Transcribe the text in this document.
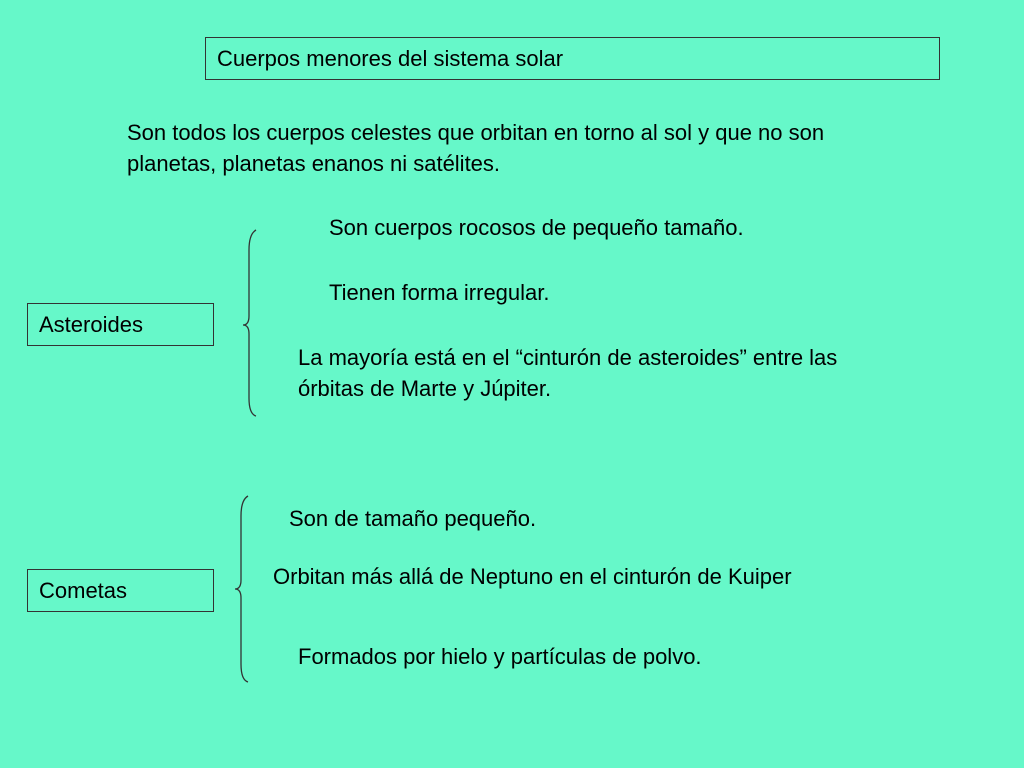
Cuerpos menores del sistema solar

Son todos los cuerpos celestes que orbitan en torno al sol y que no son
planetas, planetas enanos ni satélites.

Asteroides
Son cuerpos rocosos de pequeño tamaño.
Tienen forma irregular.

La mayoría está en el “cinturón de asteroides” entre las
órbitas de Marte y Júpiter.

Cometas
Son de tamaño pequeño.
Orbitan más allá de Neptuno en el cinturón de Kuiper
Formados por hielo y partículas de polvo.
